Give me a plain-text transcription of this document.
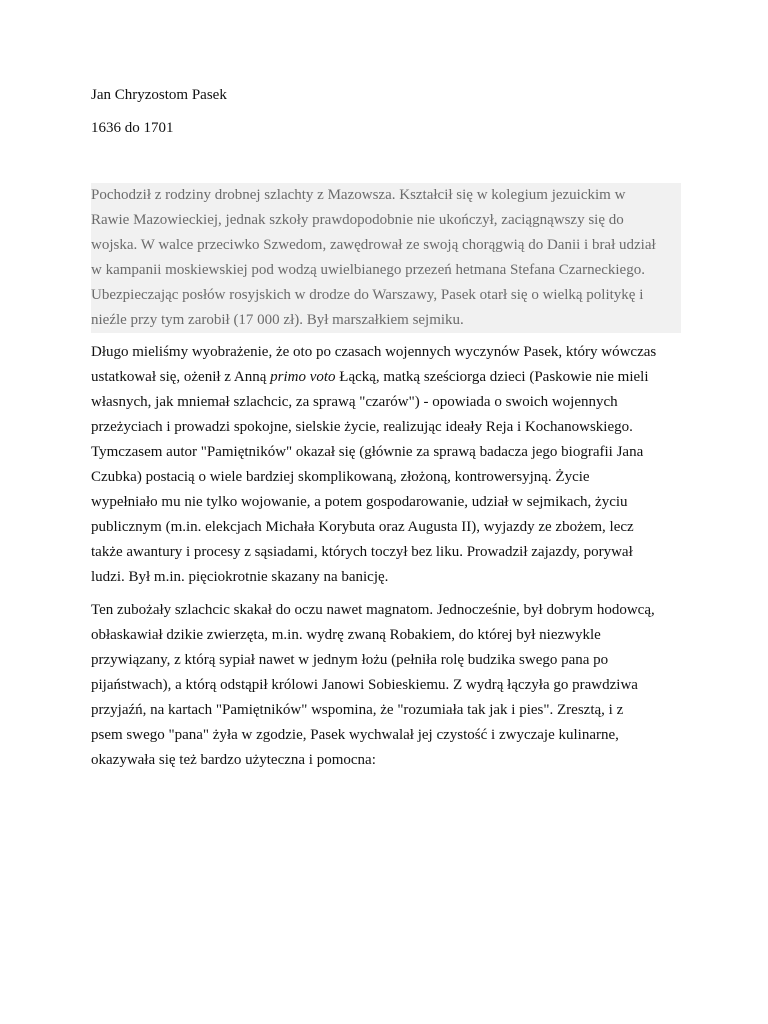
Jan Chryzostom Pasek

1636 do 1701

Pochodził z rodziny drobnej szlachty z Mazowsza. Kształcił się w kolegium jezuickim w
Rawie Mazowieckiej, jednak szkoły prawdopodobnie nie ukończył, zaciągnąwszy się do
wojska. W walce przeciwko Szwedom, zawędrował ze swoją chorągwią do Danii i brał udział
w kampanii moskiewskiej pod wodzą uwielbianego przezeń hetmana Stefana Czarneckiego.
Ubezpieczając posłów rosyjskich w drodze do Warszawy, Pasek otarł się o wielką politykę i
nieźle przy tym zarobił (17 000 zł). Był marszałkiem sejmiku.
Długo mieliśmy wyobrażenie, że oto po czasach wojennych wyczynów Pasek, który wówczas
ustatkował się, ożenił z Anną primo voto Łącką, matką sześciorga dzieci (Paskowie nie mieli
własnych, jak mniemał szlachcic, za sprawą "czarów") - opowiada o swoich wojennych
przeżyciach i prowadzi spokojne, sielskie życie, realizując ideały Reja i Kochanowskiego.
Tymczasem autor "Pamiętników" okazał się (głównie za sprawą badacza jego biografii Jana
Czubka) postacią o wiele bardziej skomplikowaną, złożoną, kontrowersyjną. Życie
wypełniało mu nie tylko wojowanie, a potem gospodarowanie, udział w sejmikach, życiu
publicznym (m.in. elekcjach Michała Korybuta oraz Augusta II), wyjazdy ze zbożem, lecz
także awantury i procesy z sąsiadami, których toczył bez liku. Prowadził zajazdy, porywał
ludzi. Był m.in. pięciokrotnie skazany na banicję.
Ten zubożały szlachcic skakał do oczu nawet magnatom. Jednocześnie, był dobrym hodowcą,
obłaskawiał dzikie zwierzęta, m.in. wydrę zwaną Robakiem, do której był niezwykle
przywiązany, z którą sypiał nawet w jednym łożu (pełniła rolę budzika swego pana po
pijaństwach), a którą odstąpił królowi Janowi Sobieskiemu. Z wydrą łączyła go prawdziwa
przyjaźń, na kartach "Pamiętników" wspomina, że "rozumiała tak jak i pies". Zresztą, i z
psem swego "pana" żyła w zgodzie, Pasek wychwalał jej czystość i zwyczaje kulinarne,
okazywała się też bardzo użyteczna i pomocna:
